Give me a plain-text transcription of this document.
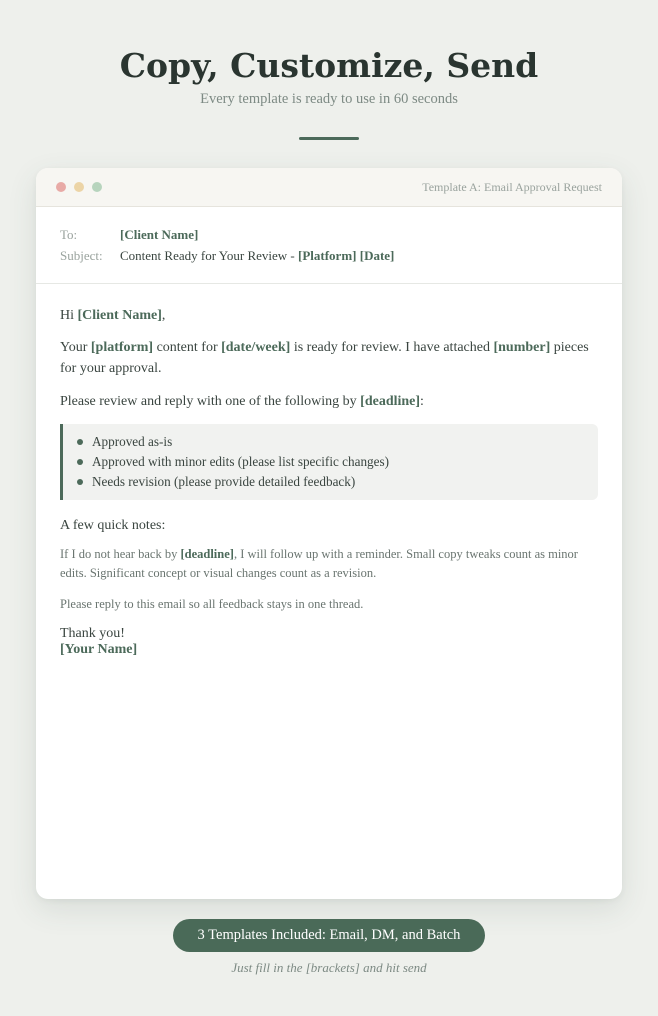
Copy, Customize, Send
Every template is ready to use in 60 seconds
Template A: Email Approval Request
To:	[Client Name]
Subject:	Content Ready for Your Review - [Platform] [Date]

Hi [Client Name],

Your [platform] content for [date/week] is ready for review. I have attached [number] pieces for your approval.

Please review and reply with one of the following by [deadline]:

Approved as-is
Approved with minor edits (please list specific changes)
Needs revision (please provide detailed feedback)

A few quick notes:

If I do not hear back by [deadline], I will follow up with a reminder. Small copy tweaks count as minor edits. Significant concept or visual changes count as a revision.

Please reply to this email so all feedback stays in one thread.

Thank you!
[Your Name]
3 Templates Included: Email, DM, and Batch
Just fill in the [brackets] and hit send
